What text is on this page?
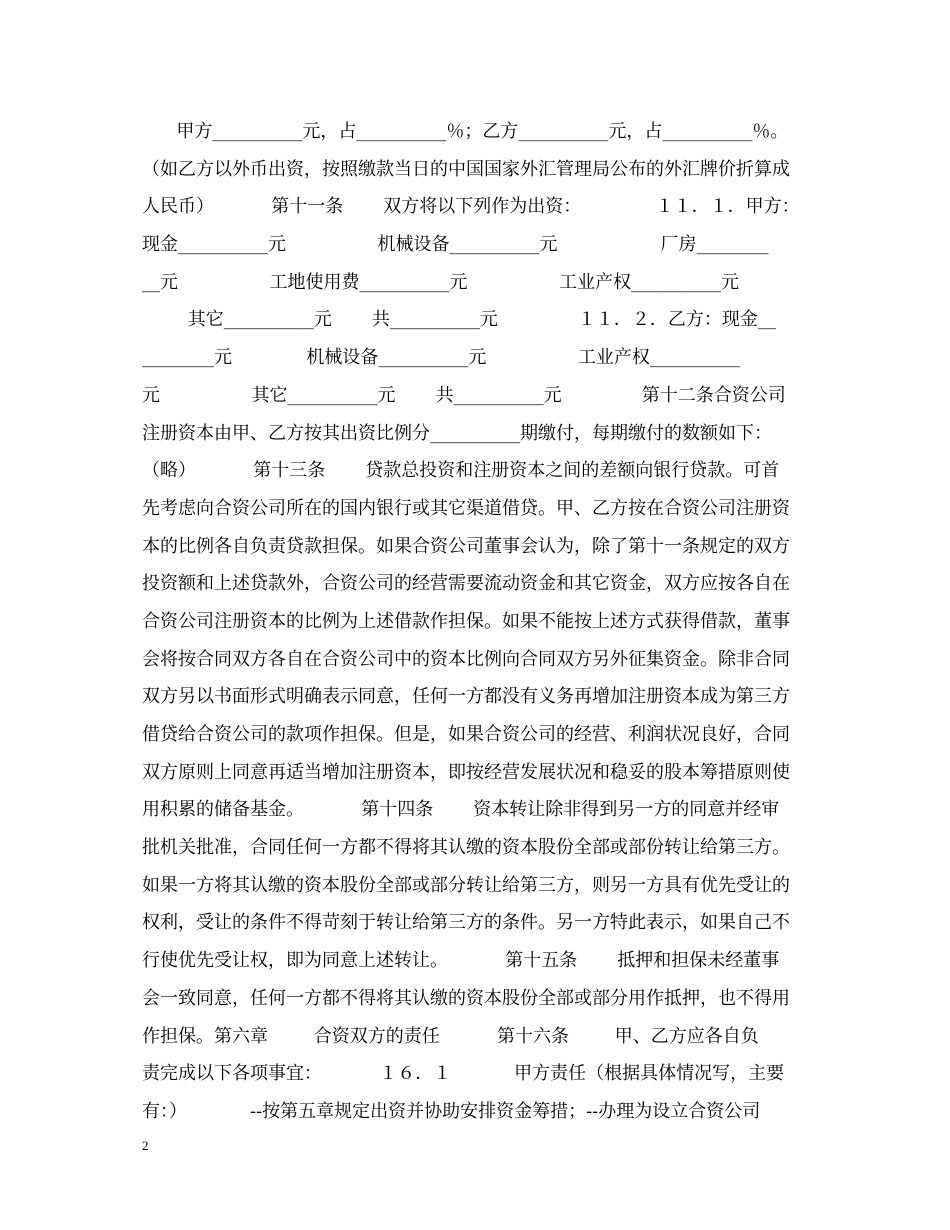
甲方__________元，占__________％；乙方__________元，占__________％。
（如乙方以外币出资，按照缴款当日的中国国家外汇管理局公布的外汇牌价折算成
人民币）          第十一条       双方将以下列作为出资：             １１．１．甲方：
现金__________元                机械设备__________元                  厂房________
__元                工地使用费__________元                工业产权__________元
其它__________元       共__________元              １１．２．乙方：现金__
________元             机械设备__________元                工业产权__________
元                其它__________元       共__________元              第十二条合资公司
注册资本由甲、乙方按其出资比例分__________期缴付，每期缴付的数额如下：
（略）          第十三条       贷款总投资和注册资本之间的差额向银行贷款。可首
先考虑向合资公司所在的国内银行或其它渠道借贷。甲、乙方按在合资公司注册资
本的比例各自负责贷款担保。如果合资公司董事会认为，除了第十一条规定的双方
投资额和上述贷款外，合资公司的经营需要流动资金和其它资金，双方应按各自在
合资公司注册资本的比例为上述借款作担保。如果不能按上述方式获得借款，董事
会将按合同双方各自在合资公司中的资本比例向合同双方另外征集资金。除非合同
双方另以书面形式明确表示同意，任何一方都没有义务再增加注册资本成为第三方
借贷给合资公司的款项作担保。但是，如果合资公司的经营、利润状况良好，合同
双方原则上同意再适当增加注册资本，即按经营发展状况和稳妥的股本筹措原则使
用积累的储备基金。          第十四条       资本转让除非得到另一方的同意并经审
批机关批准，合同任何一方都不得将其认缴的资本股份全部或部份转让给第三方。
如果一方将其认缴的资本股份全部或部分转让给第三方，则另一方具有优先受让的
权利，受让的条件不得苛刻于转让给第三方的条件。另一方特此表示，如果自己不
行使优先受让权，即为同意上述转让。          第十五条       抵押和担保未经董事
会一致同意，任何一方都不得将其认缴的资本股份全部或部分用作抵押，也不得用
作担保。第六章        合资双方的责任          第十六条        甲、乙方应各自负
责完成以下各项事宜：          １６．１           甲方责任（根据具体情况写，主要
有：）           --按第五章规定出资并协助安排资金筹措；--办理为设立合资公司
2
